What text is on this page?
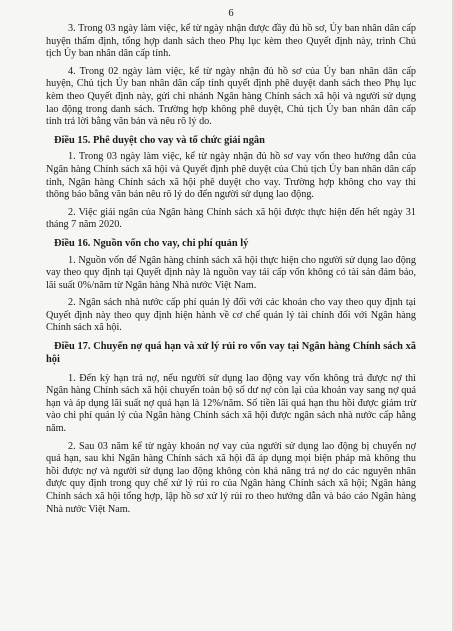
6

3. Trong 03 ngày làm việc, kể từ ngày nhận được đầy đủ hồ sơ, Ủy ban nhân dân cấp huyện thẩm định, tổng hợp danh sách theo Phụ lục kèm theo Quyết định này, trình Chủ tịch Ủy ban nhân dân cấp tỉnh.

4. Trong 02 ngày làm việc, kể từ ngày nhận đủ hồ sơ của Ủy ban nhân dân cấp huyện, Chủ tịch Ủy ban nhân dân cấp tỉnh quyết định phê duyệt danh sách theo Phụ lục kèm theo Quyết định này, gửi chi nhánh Ngân hàng Chính sách xã hội và người sử dụng lao động trong danh sách. Trường hợp không phê duyệt, Chủ tịch Ủy ban nhân dân cấp tỉnh trả lời bằng văn bản và nêu rõ lý do.

Điều 15. Phê duyệt cho vay và tổ chức giải ngân

1. Trong 03 ngày làm việc, kể từ ngày nhận đủ hồ sơ vay vốn theo hướng dẫn của Ngân hàng Chính sách xã hội và Quyết định phê duyệt của Chủ tịch Ủy ban nhân dân cấp tỉnh, Ngân hàng Chính sách xã hội phê duyệt cho vay. Trường hợp không cho vay thì thông báo bằng văn bản nêu rõ lý do đến người sử dụng lao động.

2. Việc giải ngân của Ngân hàng Chính sách xã hội được thực hiện đến hết ngày 31 tháng 7 năm 2020.

Điều 16. Nguồn vốn cho vay, chi phí quản lý

1. Nguồn vốn để Ngân hàng chính sách xã hội thực hiện cho người sử dụng lao động vay theo quy định tại Quyết định này là nguồn vay tái cấp vốn không có tài sản đảm bảo, lãi suất 0%/năm từ Ngân hàng Nhà nước Việt Nam.

2. Ngân sách nhà nước cấp phí quản lý đối với các khoản cho vay theo quy định tại Quyết định này theo quy định hiện hành về cơ chế quản lý tài chính đối với Ngân hàng Chính sách xã hội.

Điều 17. Chuyển nợ quá hạn và xử lý rủi ro vốn vay tại Ngân hàng Chính sách xã hội

1. Đến kỳ hạn trả nợ, nếu người sử dụng lao động vay vốn không trả được nợ thì Ngân hàng Chính sách xã hội chuyển toàn bộ số dư nợ còn lại của khoản vay sang nợ quá hạn và áp dụng lãi suất nợ quá hạn là 12%/năm. Số tiền lãi quá hạn thu hồi được giảm trừ vào chi phí quản lý của Ngân hàng Chính sách xã hội được ngân sách nhà nước cấp hằng năm.

2. Sau 03 năm kể từ ngày khoản nợ vay của người sử dụng lao động bị chuyển nợ quá hạn, sau khi Ngân hàng Chính sách xã hội đã áp dụng mọi biện pháp mà không thu hồi được nợ và người sử dụng lao động không còn khả năng trả nợ do các nguyên nhân được quy định trong quy chế xử lý rủi ro của Ngân hàng Chính sách xã hội; Ngân hàng Chính sách xã hội tổng hợp, lập hồ sơ xử lý rủi ro theo hướng dẫn và báo cáo Ngân hàng Nhà nước Việt Nam.
